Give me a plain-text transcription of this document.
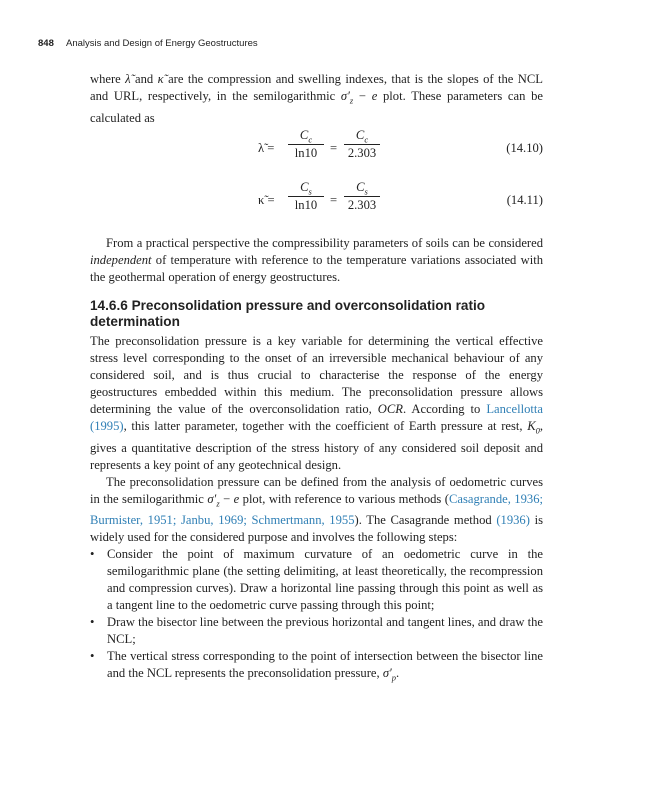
848 Analysis and Design of Energy Geostructures

where λ̃ and κ̃ are the compression and swelling indexes, that is the slopes of the NCL and URL, respectively, in the semilogarithmic $\sigma'_z - e$ plot. These parameters can be calculated as

λ̃ = $\frac{C_c}{\ln 10} = \frac{C_c}{2.303}$	(14.10)
κ̃ = $\frac{C_s}{\ln 10} = \frac{C_s}{2.303}$	(14.11)

From a practical perspective the compressibility parameters of soils can be considered independent of temperature with reference to the temperature variations associated with the geothermal operation of energy geostructures.

14.6.6 Preconsolidation pressure and overconsolidation ratio determination

The preconsolidation pressure is a key variable for determining the vertical effective stress level corresponding to the onset of an irreversible mechanical behaviour of any considered soil, and is thus crucial to characterise the response of the energy geostructures embedded within this medium. The preconsolidation pressure allows determining the value of the overconsolidation ratio, OCR. According to Lancellotta (1995), this latter parameter, together with the coefficient of Earth pressure at rest, $K_0$, gives a quantitative description of the stress history of any considered soil deposit and represents a key point of any geotechnical design.

The preconsolidation pressure can be defined from the analysis of oedometric curves in the semilogarithmic $\sigma'_z - e$ plot, with reference to various methods (Casagrande, 1936; Burmister, 1951; Janbu, 1969; Schmertmann, 1955). The Casagrande method (1936) is widely used for the considered purpose and involves the following steps:

• Consider the point of maximum curvature of an oedometric curve in the semilogarithmic plane (the setting delimiting, at least theoretically, the recompression and compression curves). Draw a horizontal line passing through this point as well as a tangent line to the oedometric curve passing through this point;
• Draw the bisector line between the previous horizontal and tangent lines, and draw the NCL;
• The vertical stress corresponding to the point of intersection between the bisector line and the NCL represents the preconsolidation pressure, $\sigma'_p$.
